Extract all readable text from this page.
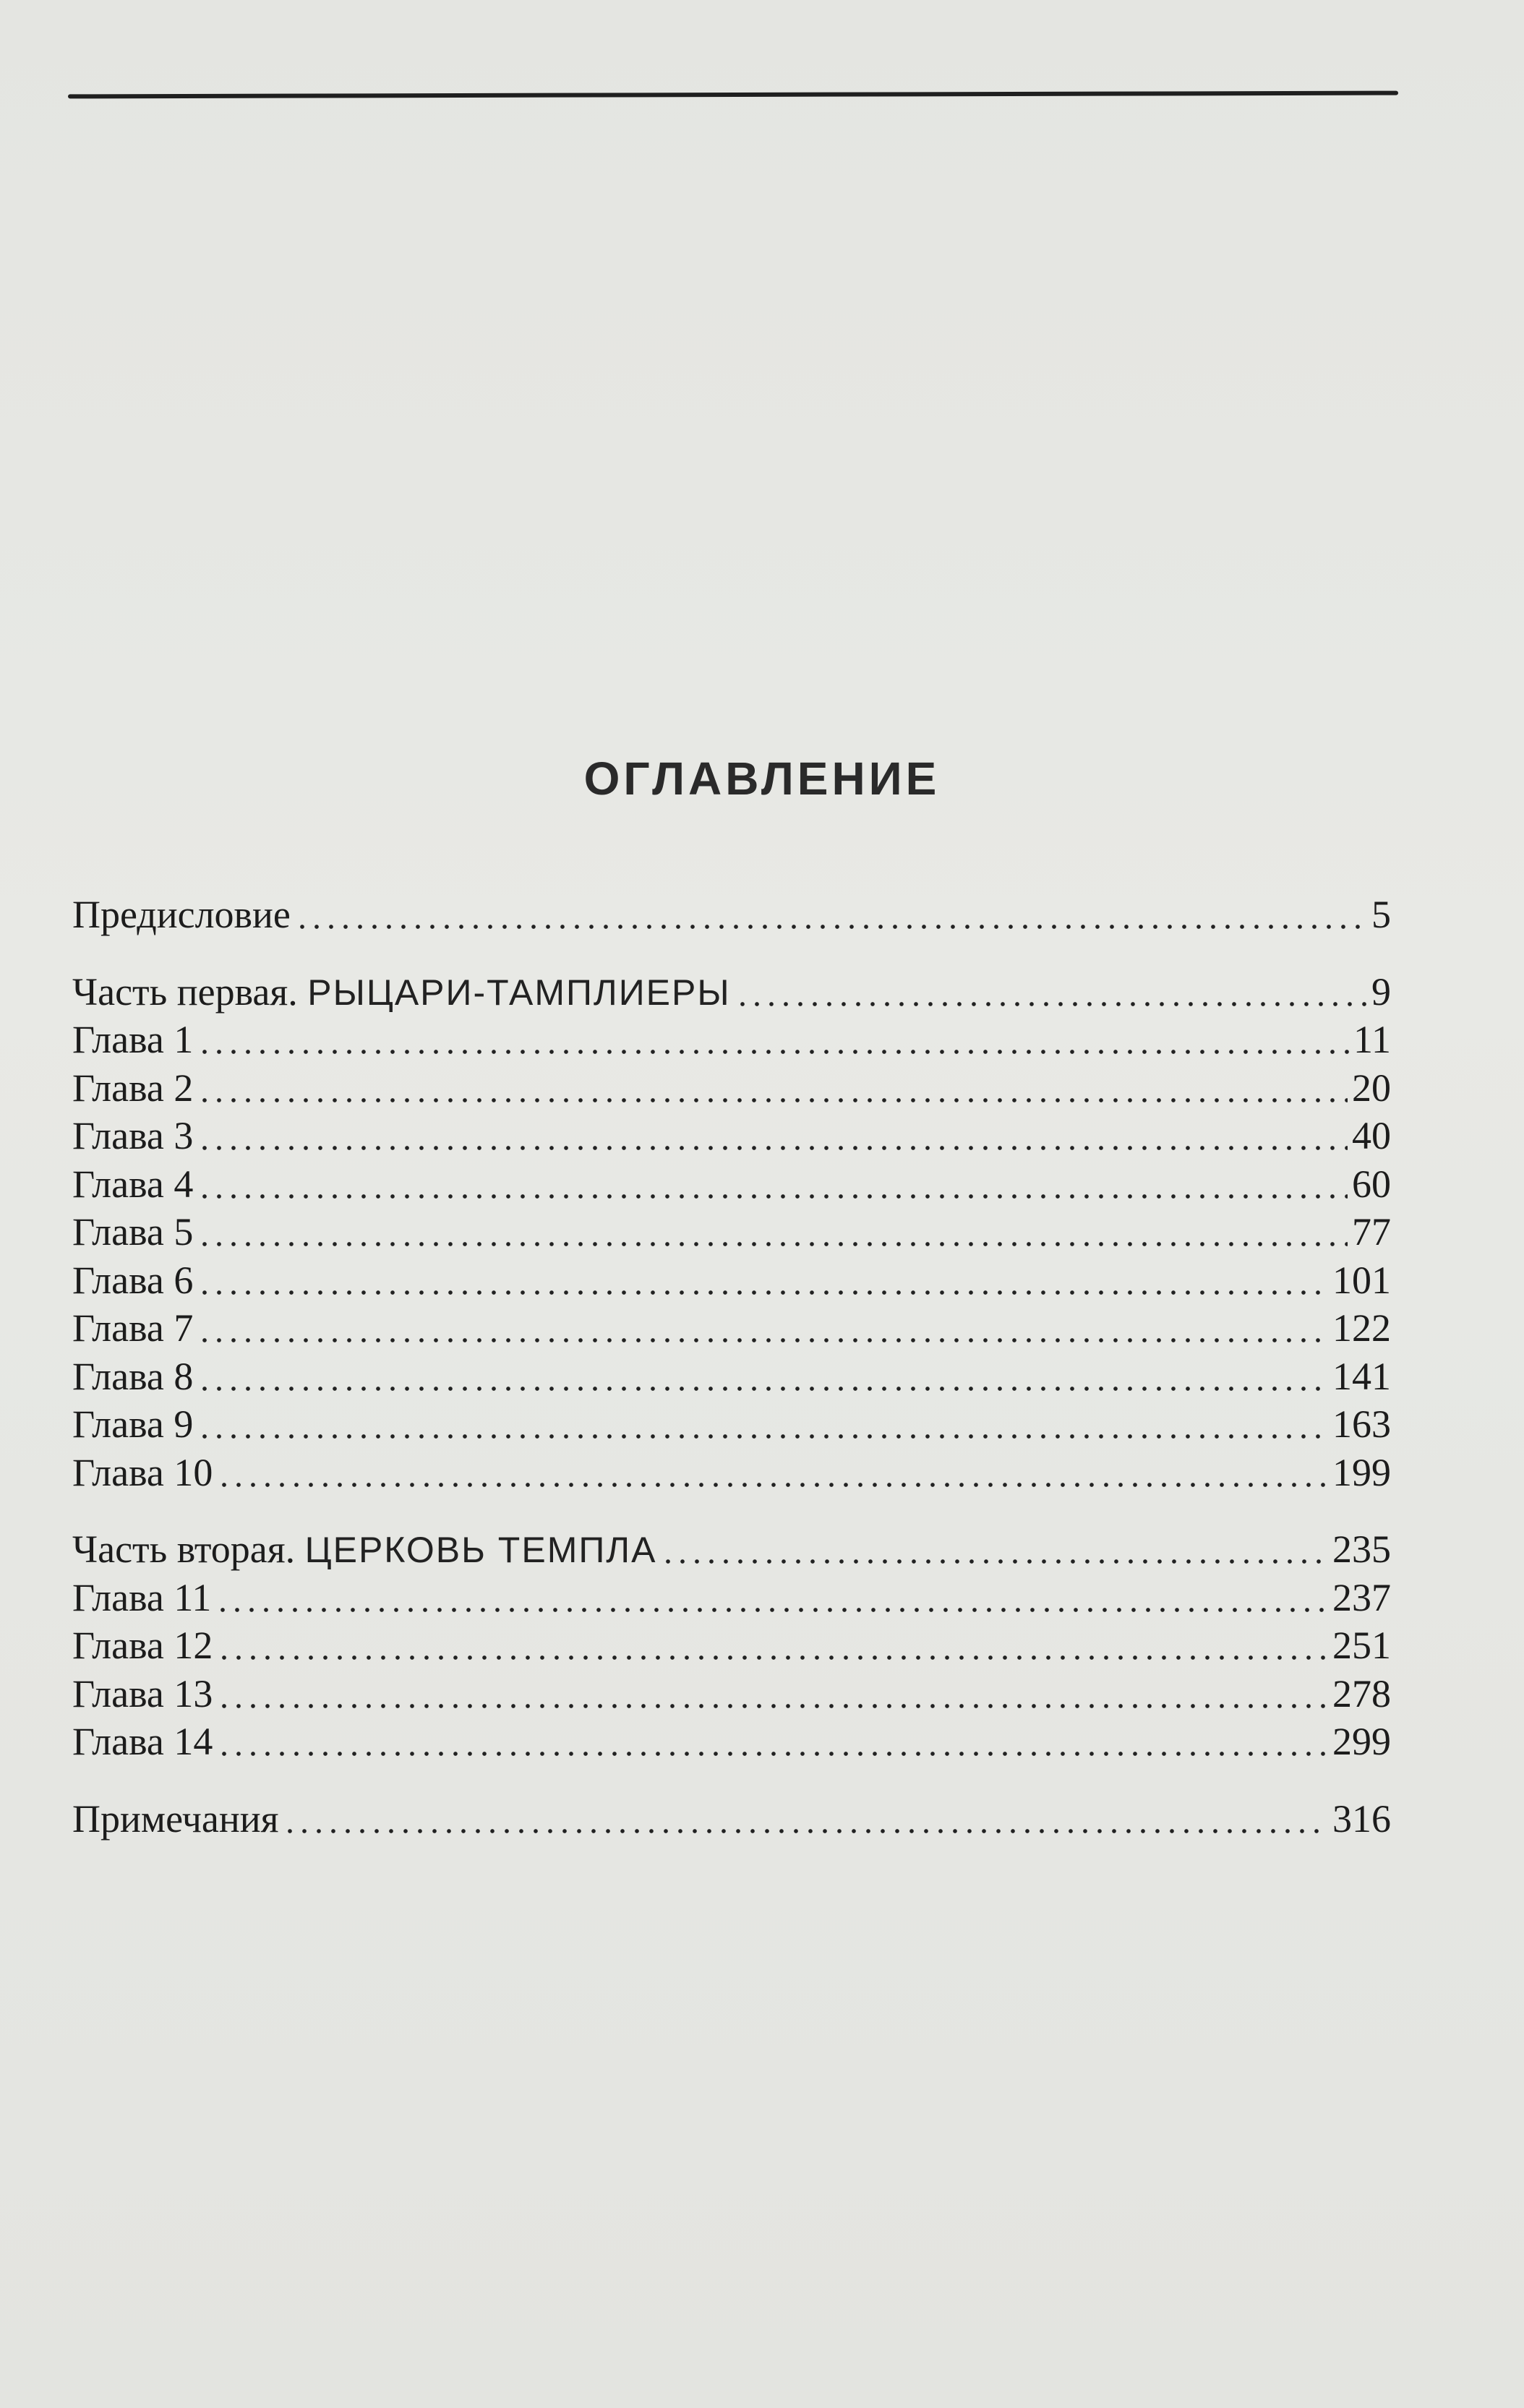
ОГЛАВЛЕНИЕ
Предисловие	5
Часть первая. РЫЦАРИ-ТАМПЛИЕРЫ	9
Глава 1	11
Глава 2	20
Глава 3	40
Глава 4	60
Глава 5	77
Глава 6	101
Глава 7	122
Глава 8	141
Глава 9	163
Глава 10	199
Часть вторая. ЦЕРКОВЬ ТЕМПЛА	235
Глава 11	237
Глава 12	251
Глава 13	278
Глава 14	299
Примечания	316
